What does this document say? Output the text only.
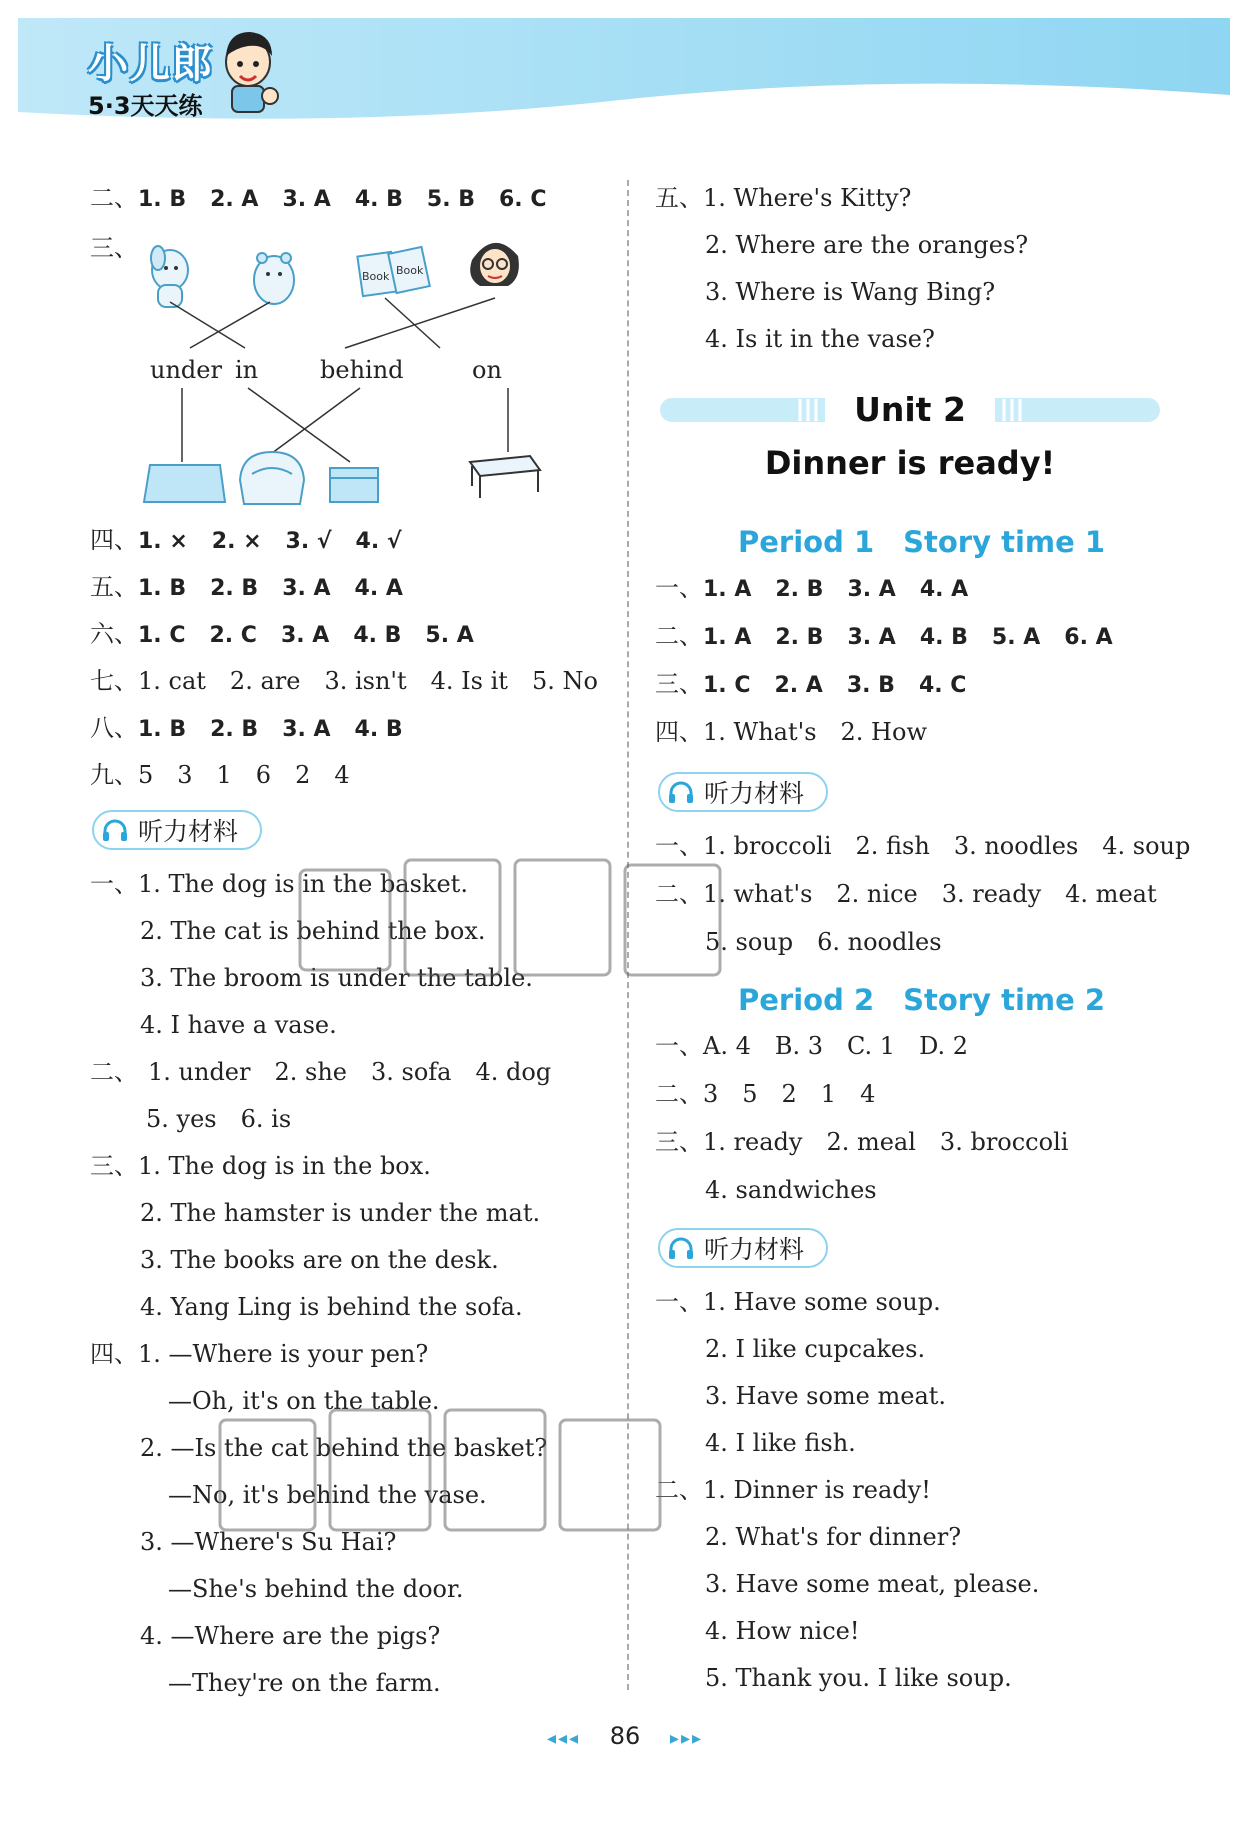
小儿郎
5·3天天练
二、1. B 2. A 3. A 4. B 5. B 6. C
三、
Book Book
under in	behind	on
四、1. × 2. × 3. √ 4. √
五、1. B 2. B 3. A 4. A
六、1. C 2. C 3. A 4. B 5. A
七、1. cat 2. are 3. isn't 4. Is it 5. No
八、1. B 2. B 3. A 4. B
九、5　3　1　6　2　4
听力材料
一、1. The dog is in the basket.
2. The cat is behind the box.
3. The broom is under the table.
4. I have a vase.
二、 1. under 2. she 3. sofa 4. dog
5. yes 6. is
三、1. The dog is in the box.
2. The hamster is under the mat.
3. The books are on the desk.
4. Yang Ling is behind the sofa.
四、1. —Where is your pen?
—Oh, it's on the table.
2. —Is the cat behind the basket?
—No, it's behind the vase.
3. —Where's Su Hai?
—She's behind the door.
4. —Where are the pigs?
—They're on the farm.
五、1. Where's Kitty?
2. Where are the oranges?
3. Where is Wang Bing?
4. Is it in the vase?
Unit 2
Dinner is ready!
Period 1　Story time 1
一、1. A 2. B 3. A 4. A
二、1. A 2. B 3. A 4. B 5. A 6. A
三、1. C 2. A 3. B 4. C
四、1. What's 2. How
听力材料
一、1. broccoli 2. fish 3. noodles 4. soup
二、1. what's 2. nice 3. ready 4. meat
5. soup 6. noodles
Period 2　Story time 2
一、A. 4 B. 3 C. 1 D. 2
二、3　5　2　1　4
三、1. ready 2. meal 3. broccoli
4. sandwiches
听力材料
一、1. Have some soup.
2. I like cupcakes.
3. Have some meat.
4. I like fish.
二、1. Dinner is ready!
2. What's for dinner?
3. Have some meat, please.
4. How nice!
5. Thank you. I like soup.
◂◂◂ 86 ▸▸▸
